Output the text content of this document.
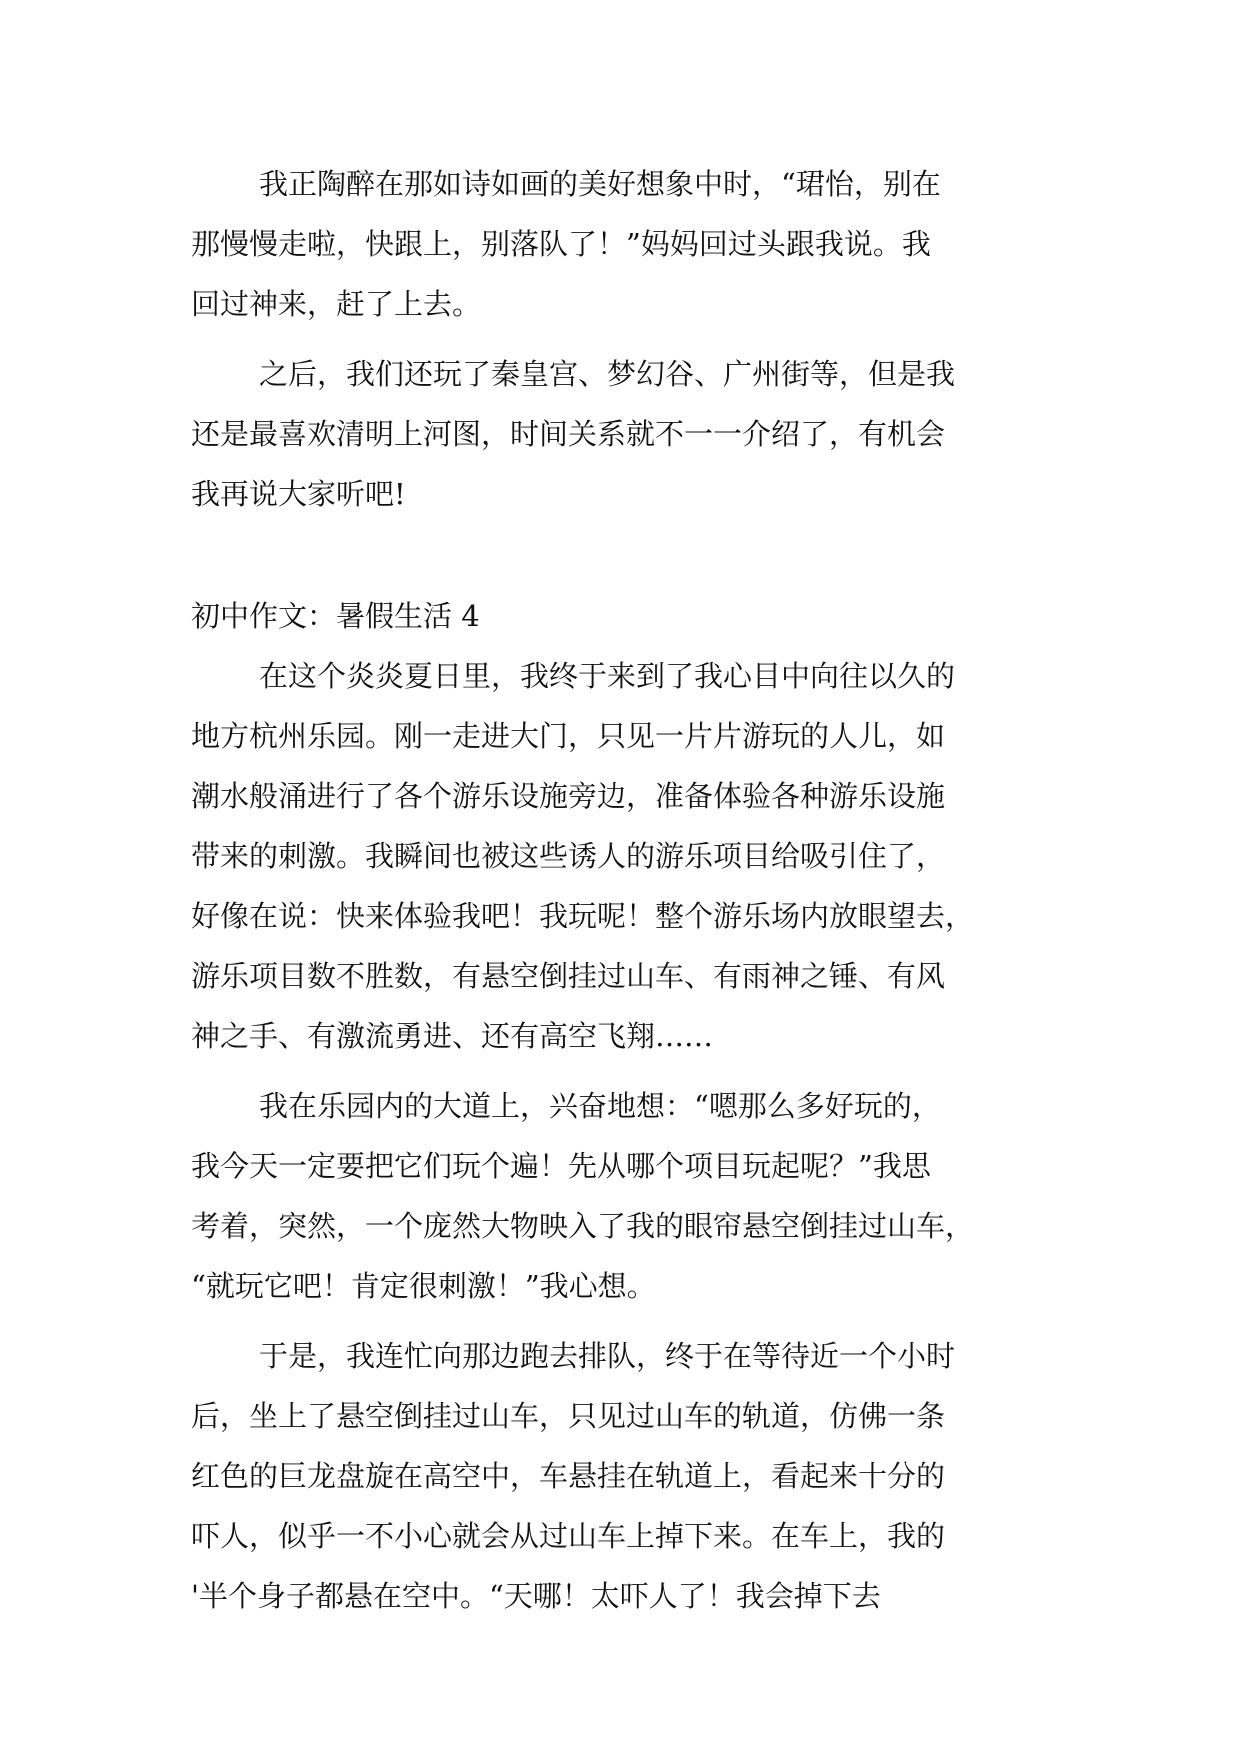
我正陶醉在那如诗如画的美好想象中时，“珺怡，别在
那慢慢走啦，快跟上，别落队了！”妈妈回过头跟我说。我
回过神来，赶了上去。
之后，我们还玩了秦皇宫、梦幻谷、广州街等，但是我
还是最喜欢清明上河图，时间关系就不一一介绍了，有机会
我再说大家听吧!
初中作文：暑假生活 4
在这个炎炎夏日里，我终于来到了我心目中向往以久的
地方杭州乐园。刚一走进大门，只见一片片游玩的人儿，如
潮水般涌进行了各个游乐设施旁边，准备体验各种游乐设施
带来的刺激。我瞬间也被这些诱人的游乐项目给吸引住了，
好像在说：快来体验我吧！我玩呢！整个游乐场内放眼望去，
游乐项目数不胜数，有悬空倒挂过山车、有雨神之锤、有风
神之手、有激流勇进、还有高空飞翔……
我在乐园内的大道上，兴奋地想：“嗯那么多好玩的，
我今天一定要把它们玩个遍！先从哪个项目玩起呢？”我思
考着，突然，一个庞然大物映入了我的眼帘悬空倒挂过山车，
“就玩它吧！肯定很刺激！”我心想。
于是，我连忙向那边跑去排队，终于在等待近一个小时
后，坐上了悬空倒挂过山车，只见过山车的轨道，仿佛一条
红色的巨龙盘旋在高空中，车悬挂在轨道上，看起来十分的
吓人，似乎一不小心就会从过山车上掉下来。在车上，我的
'半个身子都悬在空中。“天哪！太吓人了！我会掉下去
